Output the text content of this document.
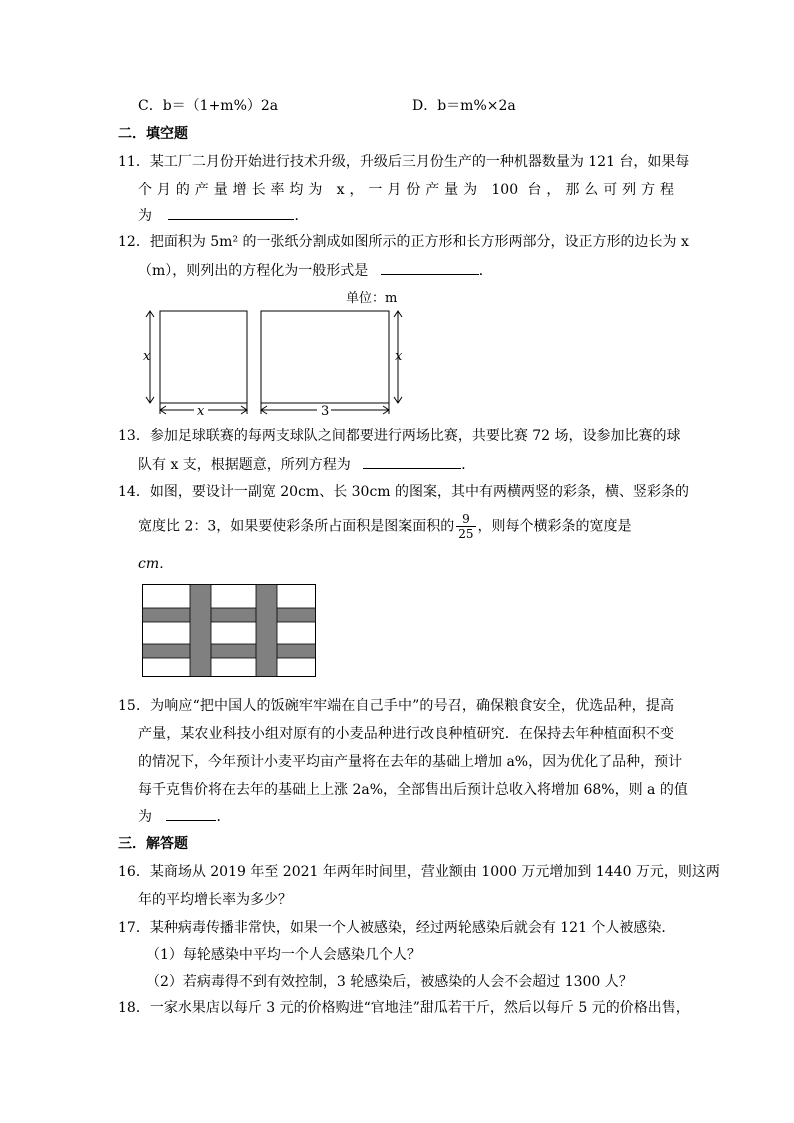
C．b＝（1+m%）2a	D．b＝m%×2a
二．填空题
11．某工厂二月份开始进行技术升级，升级后三月份生产的一种机器数量为 121 台，如果每
个月的产量增长率均为 x，一月份产量为 100 台，那么可列方程
为	．
12．把面积为 5m² 的一张纸分割成如图所示的正方形和长方形两部分，设正方形的边长为 x
（m），则列出的方程化为一般形式是	．
单位：m
x	x
x	3
13．参加足球联赛的每两支球队之间都要进行两场比赛，共要比赛 72 场，设参加比赛的球
队有 x 支，根据题意，所列方程为	．
14．如图，要设计一副宽 20cm、长 30cm 的图案，其中有两横两竖的彩条，横、竖彩条的
宽度比 2：3，如果要使彩条所占面积是图案面积的 $\frac{9}{25}$ ，则每个横彩条的宽度是
cm．
15．为响应“把中国人的饭碗牢牢端在自己手中”的号召，确保粮食安全，优选品种，提高
产量，某农业科技小组对原有的小麦品种进行改良种植研究．在保持去年种植面积不变
的情况下，今年预计小麦平均亩产量将在去年的基础上增加 a%，因为优化了品种，预计
每千克售价将在去年的基础上上涨 2a%，全部售出后预计总收入将增加 68%，则 a 的值
为	．
三．解答题
16．某商场从 2019 年至 2021 年两年时间里，营业额由 1000 万元增加到 1440 万元，则这两
年的平均增长率为多少？
17．某种病毒传播非常快，如果一个人被感染，经过两轮感染后就会有 121 个人被感染．
（1）每轮感染中平均一个人会感染几个人？
（2）若病毒得不到有效控制，3 轮感染后，被感染的人会不会超过 1300 人？
18．一家水果店以每斤 3 元的价格购进“官地洼”甜瓜若干斤，然后以每斤 5 元的价格出售，
